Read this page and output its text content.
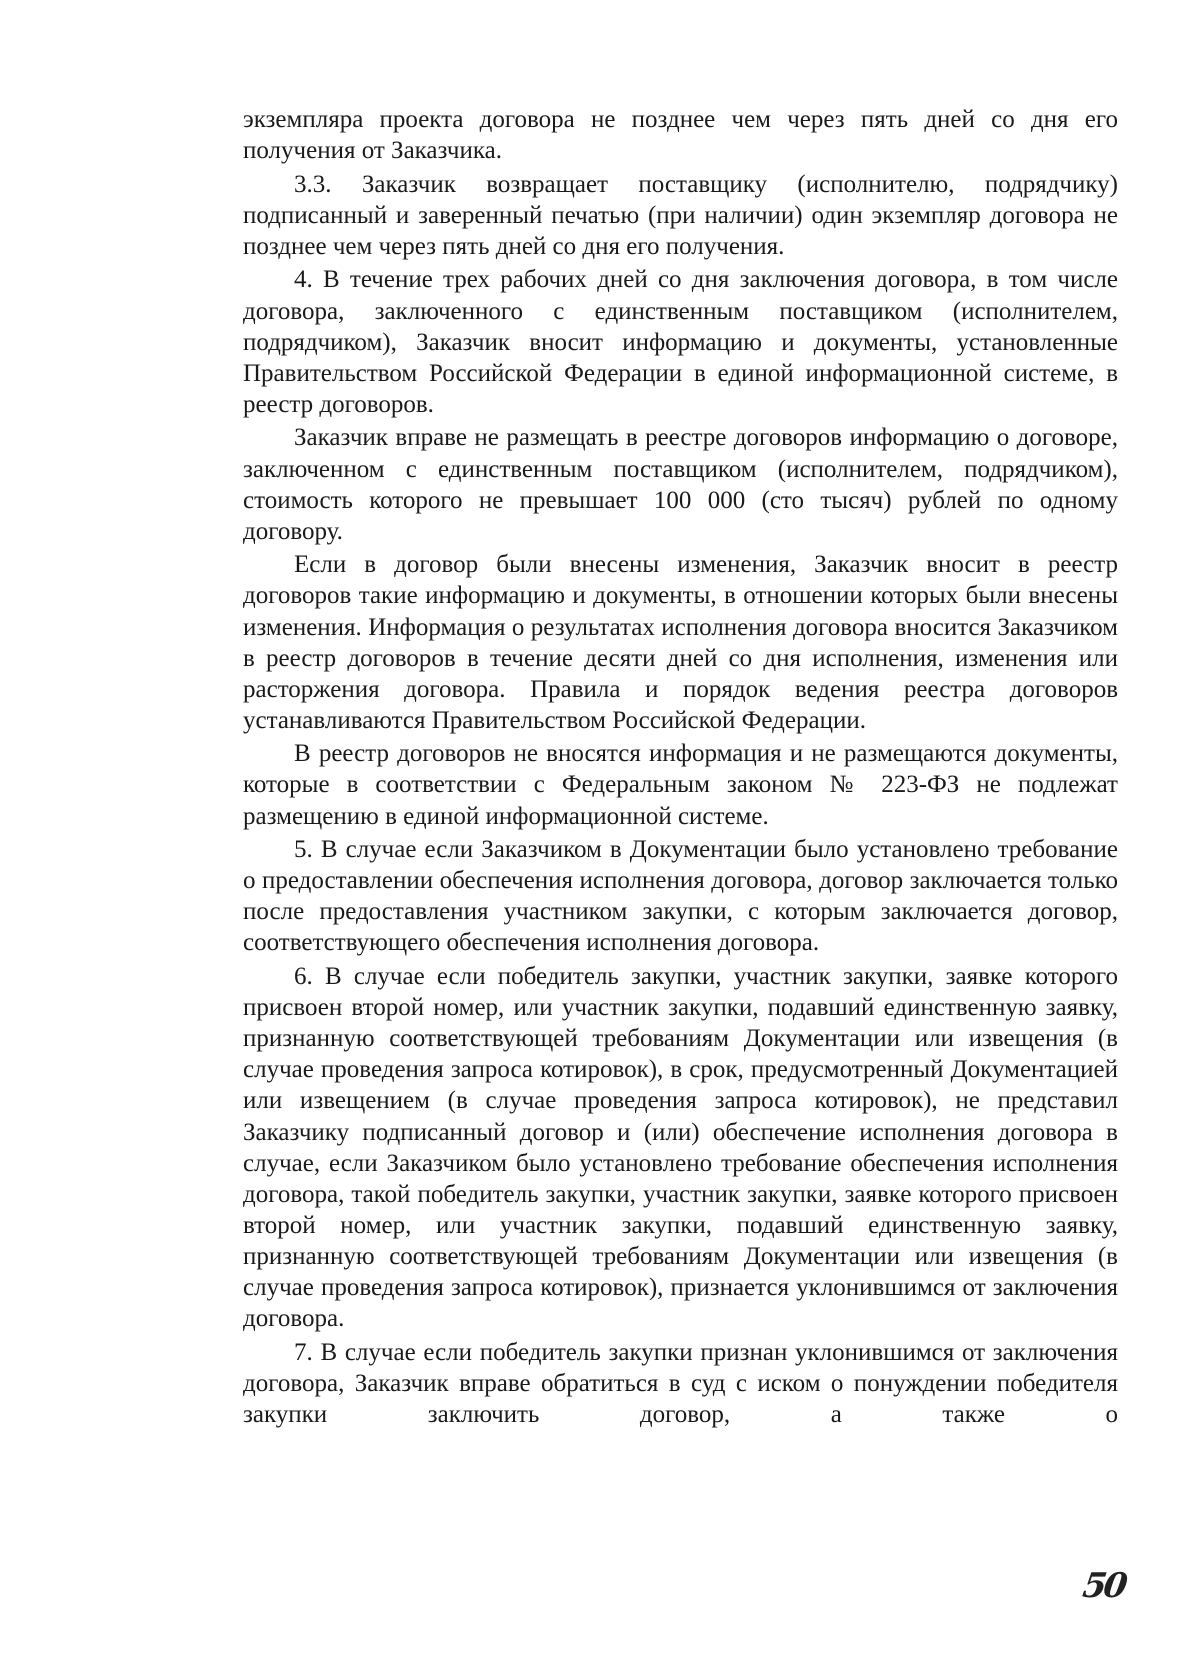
экземпляра проекта договора не позднее чем через пять дней со дня его получения от Заказчика.

3.3. Заказчик возвращает поставщику (исполнителю, подрядчику) подписанный и заверенный печатью (при наличии) один экземпляр договора не позднее чем через пять дней со дня его получения.

4. В течение трех рабочих дней со дня заключения договора, в том числе договора, заключенного с единственным поставщиком (исполнителем, подрядчиком), Заказчик вносит информацию и документы, установленные Правительством Российской Федерации в единой информационной системе, в реестр договоров.

Заказчик вправе не размещать в реестре договоров информацию о договоре, заключенном с единственным поставщиком (исполнителем, подрядчиком), стоимость которого не превышает 100 000 (сто тысяч) рублей по одному договору.

Если в договор были внесены изменения, Заказчик вносит в реестр договоров такие информацию и документы, в отношении которых были внесены изменения. Информация о результатах исполнения договора вносится Заказчиком в реестр договоров в течение десяти дней со дня исполнения, изменения или расторжения договора. Правила и порядок ведения реестра договоров устанавливаются Правительством Российской Федерации.

В реестр договоров не вносятся информация и не размещаются документы, которые в соответствии с Федеральным законом № 223-ФЗ не подлежат размещению в единой информационной системе.

5. В случае если Заказчиком в Документации было установлено требование о предоставлении обеспечения исполнения договора, договор заключается только после предоставления участником закупки, с которым заключается договор, соответствующего обеспечения исполнения договора.

6. В случае если победитель закупки, участник закупки, заявке которого присвоен второй номер, или участник закупки, подавший единственную заявку, признанную соответствующей требованиям Документации или извещения (в случае проведения запроса котировок), в срок, предусмотренный Документацией или извещением (в случае проведения запроса котировок), не представил Заказчику подписанный договор и (или) обеспечение исполнения договора в случае, если Заказчиком было установлено требование обеспечения исполнения договора, такой победитель закупки, участник закупки, заявке которого присвоен второй номер, или участник закупки, подавший единственную заявку, признанную соответствующей требованиям Документации или извещения (в случае проведения запроса котировок), признается уклонившимся от заключения договора.

7. В случае если победитель закупки признан уклонившимся от заключения договора, Заказчик вправе обратиться в суд с иском о понуждении победителя закупки заключить договор, а также о

50
